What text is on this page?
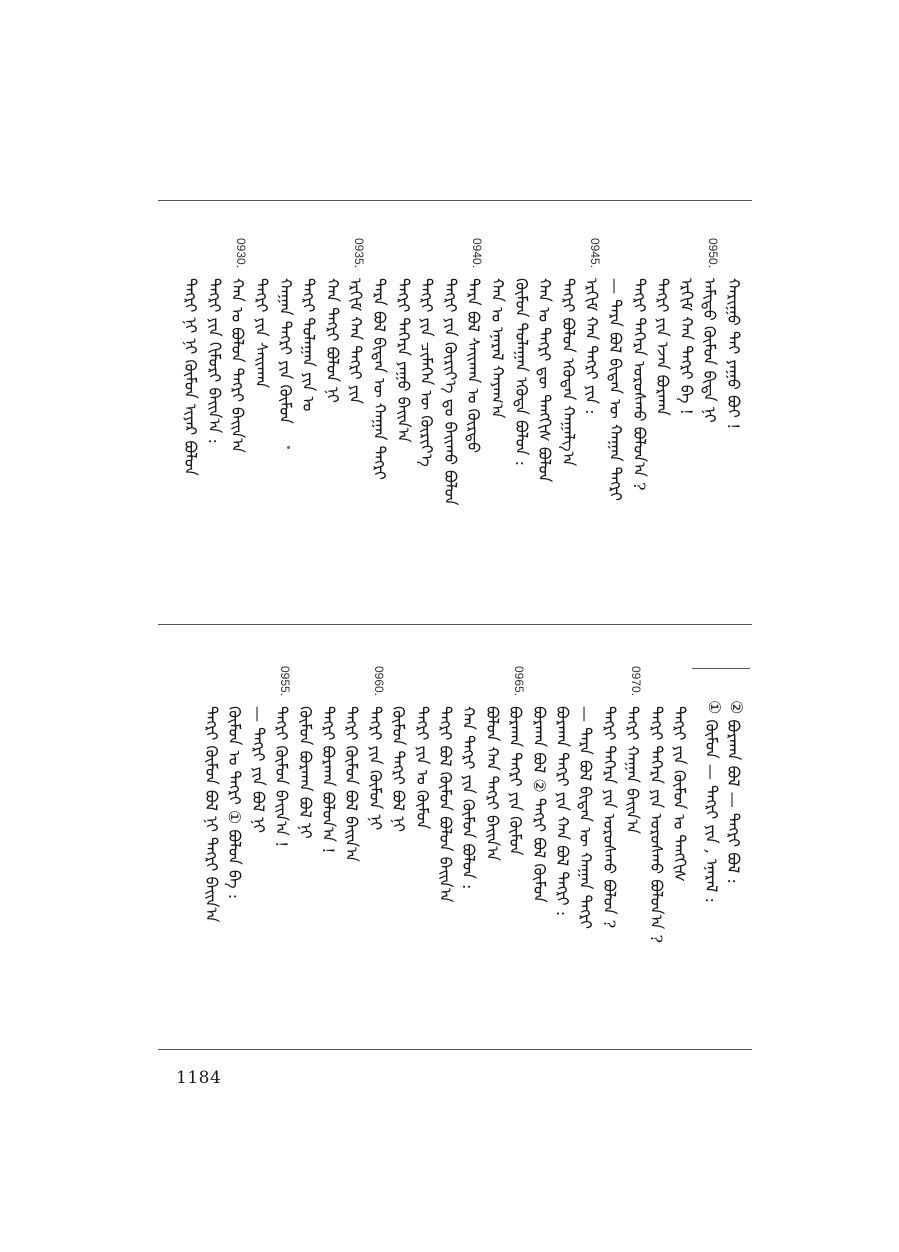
ᠬᠠᠷᠢᠭᠤ ᠲᠠᠢ ᠶᠠᠭᠤ ᠪᠤᠢ !
0950.
ᠠᠮᠢᠳᠤ ᠬᠦᠮᠦᠨ ᠪᠢᠳᠡ ᠨᠢ
ᠡᠷᠬᠢᠮ ᠬᠠᠨ ᠲᠡᠭᠷᠢ ᠪᠠ !
ᠲᠡᠭᠷᠢ ᠶᠢᠨ ᠡᠵᠡᠨ ᠪᠤᠷᠬᠠᠨ
ᠲᠡᠭᠷᠢ ᠳᠡᠭᠡᠷᠡ ᠤᠷᠤᠰᠬᠤ ᠪᠣᠯᠤᠨ᠎ᠠ ?
— ᠲᠡᠷᠡ ᠪᠣᠯ ᠪᠢᠳᠡᠨ ᠦ ᠬᠠᠭᠠᠨ ᠲᠡᠭᠷᠢ
0945.
ᠡᠷᠬᠢᠮ ᠬᠠᠨ ᠲᠡᠭᠷᠢ ᠶᠢᠨ :
ᠲᠡᠭᠷᠢ ᠪᠣᠯᠤᠨ ᠡᠭᠦᠳᠡᠨ ᠬᠠᠭᠠᠯᠭ᠎ᠠ
ᠬᠠᠨ ᠤ ᠲᠡᠭᠷᠢ ᠳᠦ ᠲᠡᠩᠭᠢᠰ ᠪᠣᠯᠤᠨ
ᠬᠦᠮᠦᠨ ᠳᠤᠯᠠᠭᠠᠨ ᠡᠭᠦᠳᠡ ᠪᠣᠯᠤᠨ :
ᠬᠠᠨ ᠤ ᠡᠨᠡᠷᠡᠯ ᠬᠠᠶᠠᠭ᠎ᠠ
0940.
ᠲᠡᠷᠡ ᠪᠤᠯ ᠰᠠᠢᠬᠠᠨ ᠤ ᠬᠦᠷᠳᠦ
ᠲᠡᠭᠷᠢ ᠶᠢᠨ ᠬᠦᠷᠢᠶ᠎ᠡ ᠳᠤ ᠪᠠᠢᠬᠤ ᠪᠣᠯᠤᠨ
ᠲᠡᠭᠷᠢ ᠶᠢᠨ ᠴᠢᠮᠡᠭᠡᠨ ᠦ ᠬᠦᠷᠢᠶ᠎ᠡ
ᠲᠡᠭᠷᠢ ᠳᠡᠭᠡᠷᠡ ᠶᠠᠭᠤ ᠪᠠᠢᠨ᠎ᠠ
ᠲᠡᠷᠡ ᠪᠣᠯ ᠪᠢᠳᠡᠨ ᠦ ᠬᠠᠭᠠᠨ ᠲᠡᠭᠷᠢ
0935.
ᠡᠷᠬᠢᠮ ᠬᠠᠨ ᠲᠡᠭᠷᠢ ᠶᠢᠨ
ᠬᠠᠨ ᠲᠡᠭᠷᠢ ᠪᠣᠯᠤᠨ ᠨᠢ
ᠲᠡᠭᠷᠢ ᠳᠤᠯᠠᠭᠠᠨ ᠶᠢᠨ ᠤ
ᠬᠠᠭᠠᠨ ᠲᠡᠭᠷᠢ ᠶᠢᠨ ᠬᠦᠮᠦᠨ
ᠲᠡᠭᠷᠢ ᠶᠢᠨ ᠰᠠᠢᠬᠠᠨ
0930.
ᠬᠠᠨ ᠤ ᠪᠣᠯᠤᠨ ᠲᠡᠭᠷᠢ ᠪᠠᠢᠨ᠎ᠠ
ᠲᠡᠭᠷᠢ ᠶᠢᠨ ᠬᠢᠮᠤᠷᠢ ᠪᠠᠢᠨ᠎ᠠ :
ᠲᠡᠭᠷᠢ ᠨᠢ ᠨᠢ ᠬᠦᠮᠦᠨ ᠢᠶᠡᠷ ᠪᠣᠯᠤᠨ
②
ᠪᠤᠷᠬᠠᠨ ᠪᠣᠯ — ᠲᠡᠭᠷᠢ ᠪᠣᠯ :
①
ᠬᠦᠮᠦᠨ — ᠲᠡᠭᠷᠢ ᠶᠢᠨ , ᠡᠨᠡᠷᠡᠯ :
ᠲᠡᠭᠷᠢ ᠶᠢᠨ ᠬᠦᠮᠦᠨ ᠤ ᠲᠡᠩᠭᠢᠰ
ᠲᠡᠭᠷᠢ ᠳᠡᠭᠡᠷᠡ ᠶᠢᠨ ᠤᠷᠤᠰᠬᠤ ᠪᠣᠯᠤᠨ᠎ᠠ ?
0970.
ᠲᠡᠭᠷᠢ ᠬᠠᠭᠠᠨ ᠪᠠᠢᠨ᠎ᠠ
ᠲᠡᠭᠷᠢ ᠳᠡᠭᠡᠷᠡ ᠶᠢᠨ ᠤᠷᠤᠰᠬᠤ ᠪᠣᠯᠤᠨ ?
— ᠲᠡᠷᠡ ᠪᠣᠯ ᠪᠢᠳᠡᠨ ᠦ ᠬᠠᠭᠠᠨ ᠲᠡᠭᠷᠢ
ᠪᠤᠷᠬᠠᠨ ᠲᠡᠭᠷᠢ ᠶᠢᠨ ᠬᠠᠨ ᠪᠣᠯ ᠲᠡᠭᠷᠢ :
ᠪᠤᠷᠬᠠᠨ ᠪᠣᠯ ② ᠲᠡᠭᠷᠢ ᠪᠣᠯ ᠬᠦᠮᠦᠨ
0965.
ᠪᠤᠷᠬᠠᠨ ᠲᠡᠭᠷᠢ ᠶᠢᠨ ᠬᠦᠮᠦᠨ
ᠪᠣᠯᠤᠨ ᠬᠠᠨ ᠲᠡᠭᠷᠢ ᠪᠠᠢᠨ᠎ᠠ
ᠬᠠᠨ ᠲᠡᠭᠷᠢ ᠶᠢᠨ ᠬᠦᠮᠦᠨ ᠪᠣᠯᠤᠨ :
ᠲᠡᠭᠷᠢ ᠪᠣᠯ ᠬᠦᠮᠦᠨ ᠪᠣᠯᠤᠨ ᠪᠠᠢᠨ᠎ᠠ
ᠲᠡᠭᠷᠢ ᠶᠢᠨ ᠤ ᠬᠦᠮᠦᠨ
ᠬᠦᠮᠦᠨ ᠲᠡᠭᠷᠢ ᠪᠣᠯ ᠨᠢ
0960.
ᠲᠡᠭᠷᠢ ᠶᠢᠨ ᠬᠦᠮᠦᠨ ᠨᠢ
ᠲᠡᠭᠷᠢ ᠬᠦᠮᠦᠨ ᠪᠣᠯ ᠪᠠᠢᠨ᠎ᠠ
ᠲᠡᠭᠷᠢ ᠪᠤᠷᠬᠠᠨ ᠪᠣᠯᠤᠨ᠎ᠠ !
ᠬᠦᠮᠦᠨ ᠪᠤᠷᠬᠠᠨ ᠪᠣᠯ ᠨᠢ
0955.
ᠲᠡᠭᠷᠢ ᠬᠦᠮᠦᠨ ᠪᠠᠢᠨ᠎ᠠ !
— ᠲᠡᠭᠷᠢ ᠶᠢᠨ ᠪᠣᠯ ᠨᠢ
ᠬᠦᠮᠦᠨ ᠤ ᠲᠡᠭᠷᠢ ① ᠪᠣᠯᠤᠨ ᠪᠠ :
ᠲᠡᠭᠷᠢ ᠬᠦᠮᠦᠨ ᠪᠣᠯ ᠨᠢ ᠲᠡᠭᠷᠢ ᠪᠠᠢᠨ᠎ᠠ
1184
